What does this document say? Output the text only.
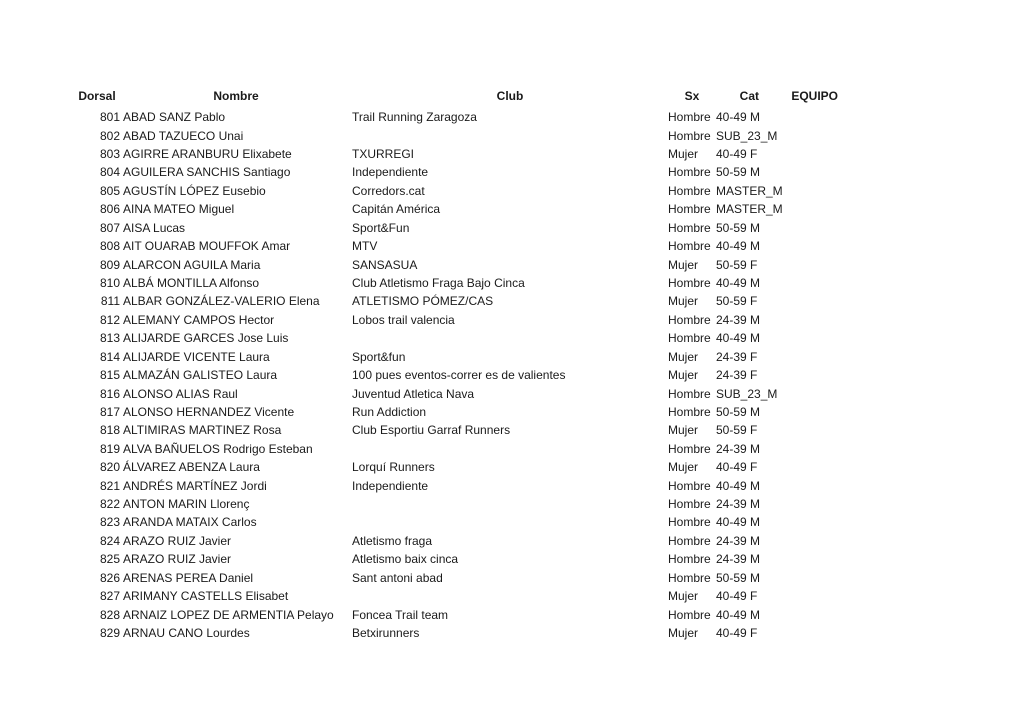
Dorsal	Nombre	Club	Sx	Cat	EQUIPO
801	ABAD SANZ Pablo	Trail Running Zaragoza	Hombre	40-49 M	
802	ABAD TAZUECO Unai		Hombre	SUB_23_M	
803	AGIRRE ARANBURU Elixabete	TXURREGI	Mujer	40-49 F	
804	AGUILERA SANCHIS Santiago	Independiente	Hombre	50-59 M	
805	AGUSTÍN LÓPEZ Eusebio	Corredors.cat	Hombre	MASTER_M	
806	AINA MATEO Miguel	Capitán América	Hombre	MASTER_M	
807	AISA Lucas	Sport&Fun	Hombre	50-59 M	
808	AIT OUARAB MOUFFOK Amar	MTV	Hombre	40-49 M	
809	ALARCON AGUILA Maria	SANSASUA	Mujer	50-59 F	
810	ALBÁ MONTILLA Alfonso	Club Atletismo Fraga Bajo Cinca	Hombre	40-49 M	
811	ALBAR GONZÁLEZ-VALERIO Elena	ATLETISMO PÓMEZ/CAS	Mujer	50-59 F	
812	ALEMANY CAMPOS Hector	Lobos trail valencia	Hombre	24-39 M	
813	ALIJARDE GARCES Jose Luis		Hombre	40-49 M	
814	ALIJARDE VICENTE Laura	Sport&fun	Mujer	24-39 F	
815	ALMAZÁN GALISTEO Laura	100 pues eventos-correr es de valientes	Mujer	24-39 F	
816	ALONSO ALIAS Raul	Juventud Atletica Nava	Hombre	SUB_23_M	
817	ALONSO HERNANDEZ Vicente	Run Addiction	Hombre	50-59 M	
818	ALTIMIRAS MARTINEZ Rosa	Club Esportiu Garraf Runners	Mujer	50-59 F	
819	ALVA BAÑUELOS Rodrigo Esteban		Hombre	24-39 M	
820	ÁLVAREZ ABENZA Laura	Lorquí Runners	Mujer	40-49 F	
821	ANDRÉS MARTÍNEZ Jordi	Independiente	Hombre	40-49 M	
822	ANTON MARIN Llorenç		Hombre	24-39 M	
823	ARANDA MATAIX Carlos		Hombre	40-49 M	
824	ARAZO RUIZ Javier	Atletismo fraga	Hombre	24-39 M	
825	ARAZO RUIZ Javier	Atletismo baix cinca	Hombre	24-39 M	
826	ARENAS PEREA Daniel	Sant antoni abad	Hombre	50-59 M	
827	ARIMANY CASTELLS Elisabet		Mujer	40-49 F	
828	ARNAIZ LOPEZ DE ARMENTIA Pelayo	Foncea Trail team	Hombre	40-49 M	
829	ARNAU CANO Lourdes	Betxirunners	Mujer	40-49 F	
